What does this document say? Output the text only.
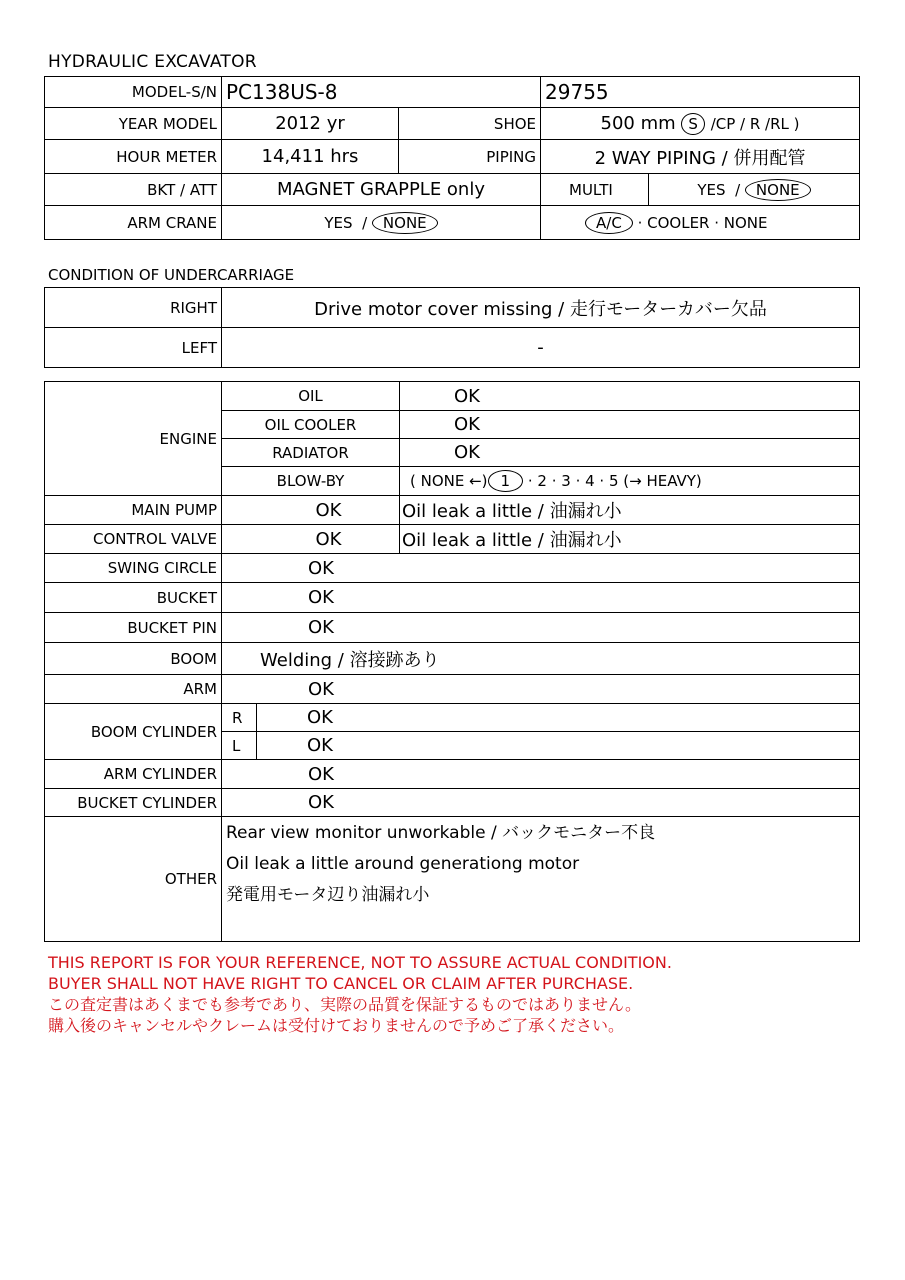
HYDRAULIC EXCAVATOR
MODEL-S/N	PC138US-8		29755	
YEAR MODEL	2012 yr	SHOE	500 mm S /CP / R /RL )	
HOUR METER	14,411 hrs	PIPING	2 WAY PIPING / 併用配管	
BKT / ATT	MAGNET GRAPPLE only		MULTI	YES / NONE
ARM CRANE	YES / NONE		A/C · COOLER · NONE	
CONDITION OF UNDERCARRIAGE
RIGHT	Drive motor cover missing / 走行モーターカバー欠品
LEFT	-
ENGINE	OIL		OK
	OIL COOLER		OK
	RADIATOR		OK
	BLOW-BY		( NONE ←) 1 · 2 · 3 · 4 · 5 (→ HEAVY)
MAIN PUMP	OK		Oil leak a little / 油漏れ小
CONTROL VALVE	OK		Oil leak a little / 油漏れ小
SWING CIRCLE	OK		
BUCKET	OK		
BUCKET PIN	OK		
BOOM	Welding / 溶接跡あり		
ARM	OK		
BOOM CYLINDER	R	OK	
	L	OK	
ARM CYLINDER	OK		
BUCKET CYLINDER	OK		
OTHER	Rear view monitor unworkable / バックモニター不良
Oil leak a little around generationg motor
発電用モータ辺り油漏れ小		
THIS REPORT IS FOR YOUR REFERENCE, NOT TO ASSURE ACTUAL CONDITION.
BUYER SHALL NOT HAVE RIGHT TO CANCEL OR CLAIM AFTER PURCHASE.
この査定書はあくまでも参考であり、実際の品質を保証するものではありません。
購入後のキャンセルやクレームは受付けておりませんので予めご了承ください。
